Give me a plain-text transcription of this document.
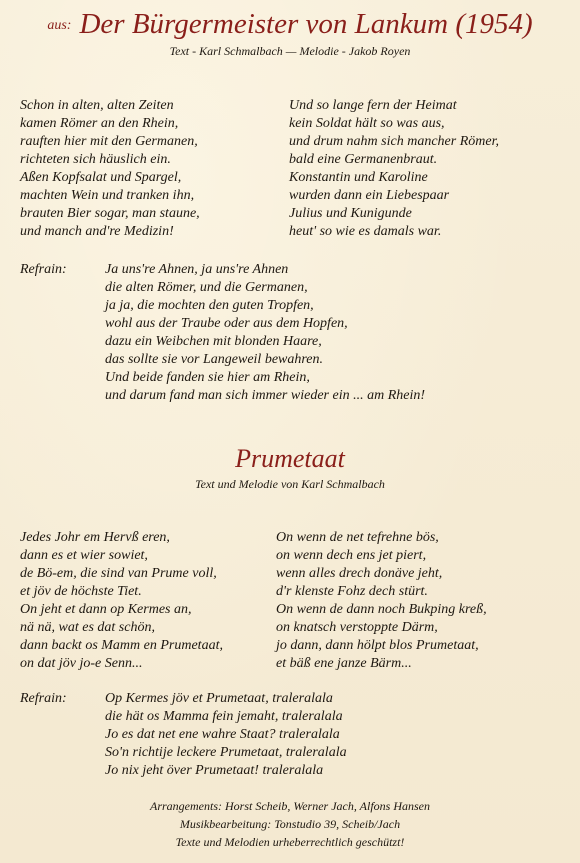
aus: Der Bürgermeister von Lankum (1954)
Text - Karl Schmalbach — Melodie - Jakob Royen
Schon in alten, alten Zeiten
kamen Römer an den Rhein,
rauften hier mit den Germanen,
richteten sich häuslich ein.
Aßen Kopfsalat und Spargel,
machten Wein und tranken ihn,
brauten Bier sogar, man staune,
und manch and're Medizin!
Und so lange fern der Heimat
kein Soldat hält so was aus,
und drum nahm sich mancher Römer,
bald eine Germanenbraut.
Konstantin und Karoline
wurden dann ein Liebespaar
Julius und Kunigunde
heut' so wie es damals war.
Refrain:	Ja uns're Ahnen, ja uns're Ahnen
die alten Römer, und die Germanen,
ja ja, die mochten den guten Tropfen,
wohl aus der Traube oder aus dem Hopfen,
dazu ein Weibchen mit blonden Haare,
das sollte sie vor Langeweil bewahren.
Und beide fanden sie hier am Rhein,
und darum fand man sich immer wieder ein ... am Rhein!
Prumetaat
Text und Melodie von Karl Schmalbach
Jedes Johr em Hervß eren,
dann es et wier sowiet,
de Bö-em, die sind van Prume voll,
et jöv de höchste Tiet.
On jeht et dann op Kermes an,
nä nä, wat es dat schön,
dann backt os Mamm en Prumetaat,
on dat jöv jo-e Senn...
On wenn de net tefrehne bös,
on wenn dech ens jet piert,
wenn alles drech donäve jeht,
d'r klenste Fohz dech stürt.
On wenn de dann noch Bukping kreß,
on knatsch verstoppte Därm,
jo dann, dann hölpt blos Prumetaat,
et bäß ene janze Bärm...
Refrain:	Op Kermes jöv et Prumetaat, traleralala
die hät os Mamma fein jemaht, traleralala
Jo es dat net ene wahre Staat? traleralala
So'n richtije leckere Prumetaat, traleralala
Jo nix jeht över Prumetaat! traleralala
Arrangements: Horst Scheib, Werner Jach, Alfons Hansen
Musikbearbeitung: Tonstudio 39, Scheib/Jach
Texte und Melodien urheberrechtlich geschützt!
